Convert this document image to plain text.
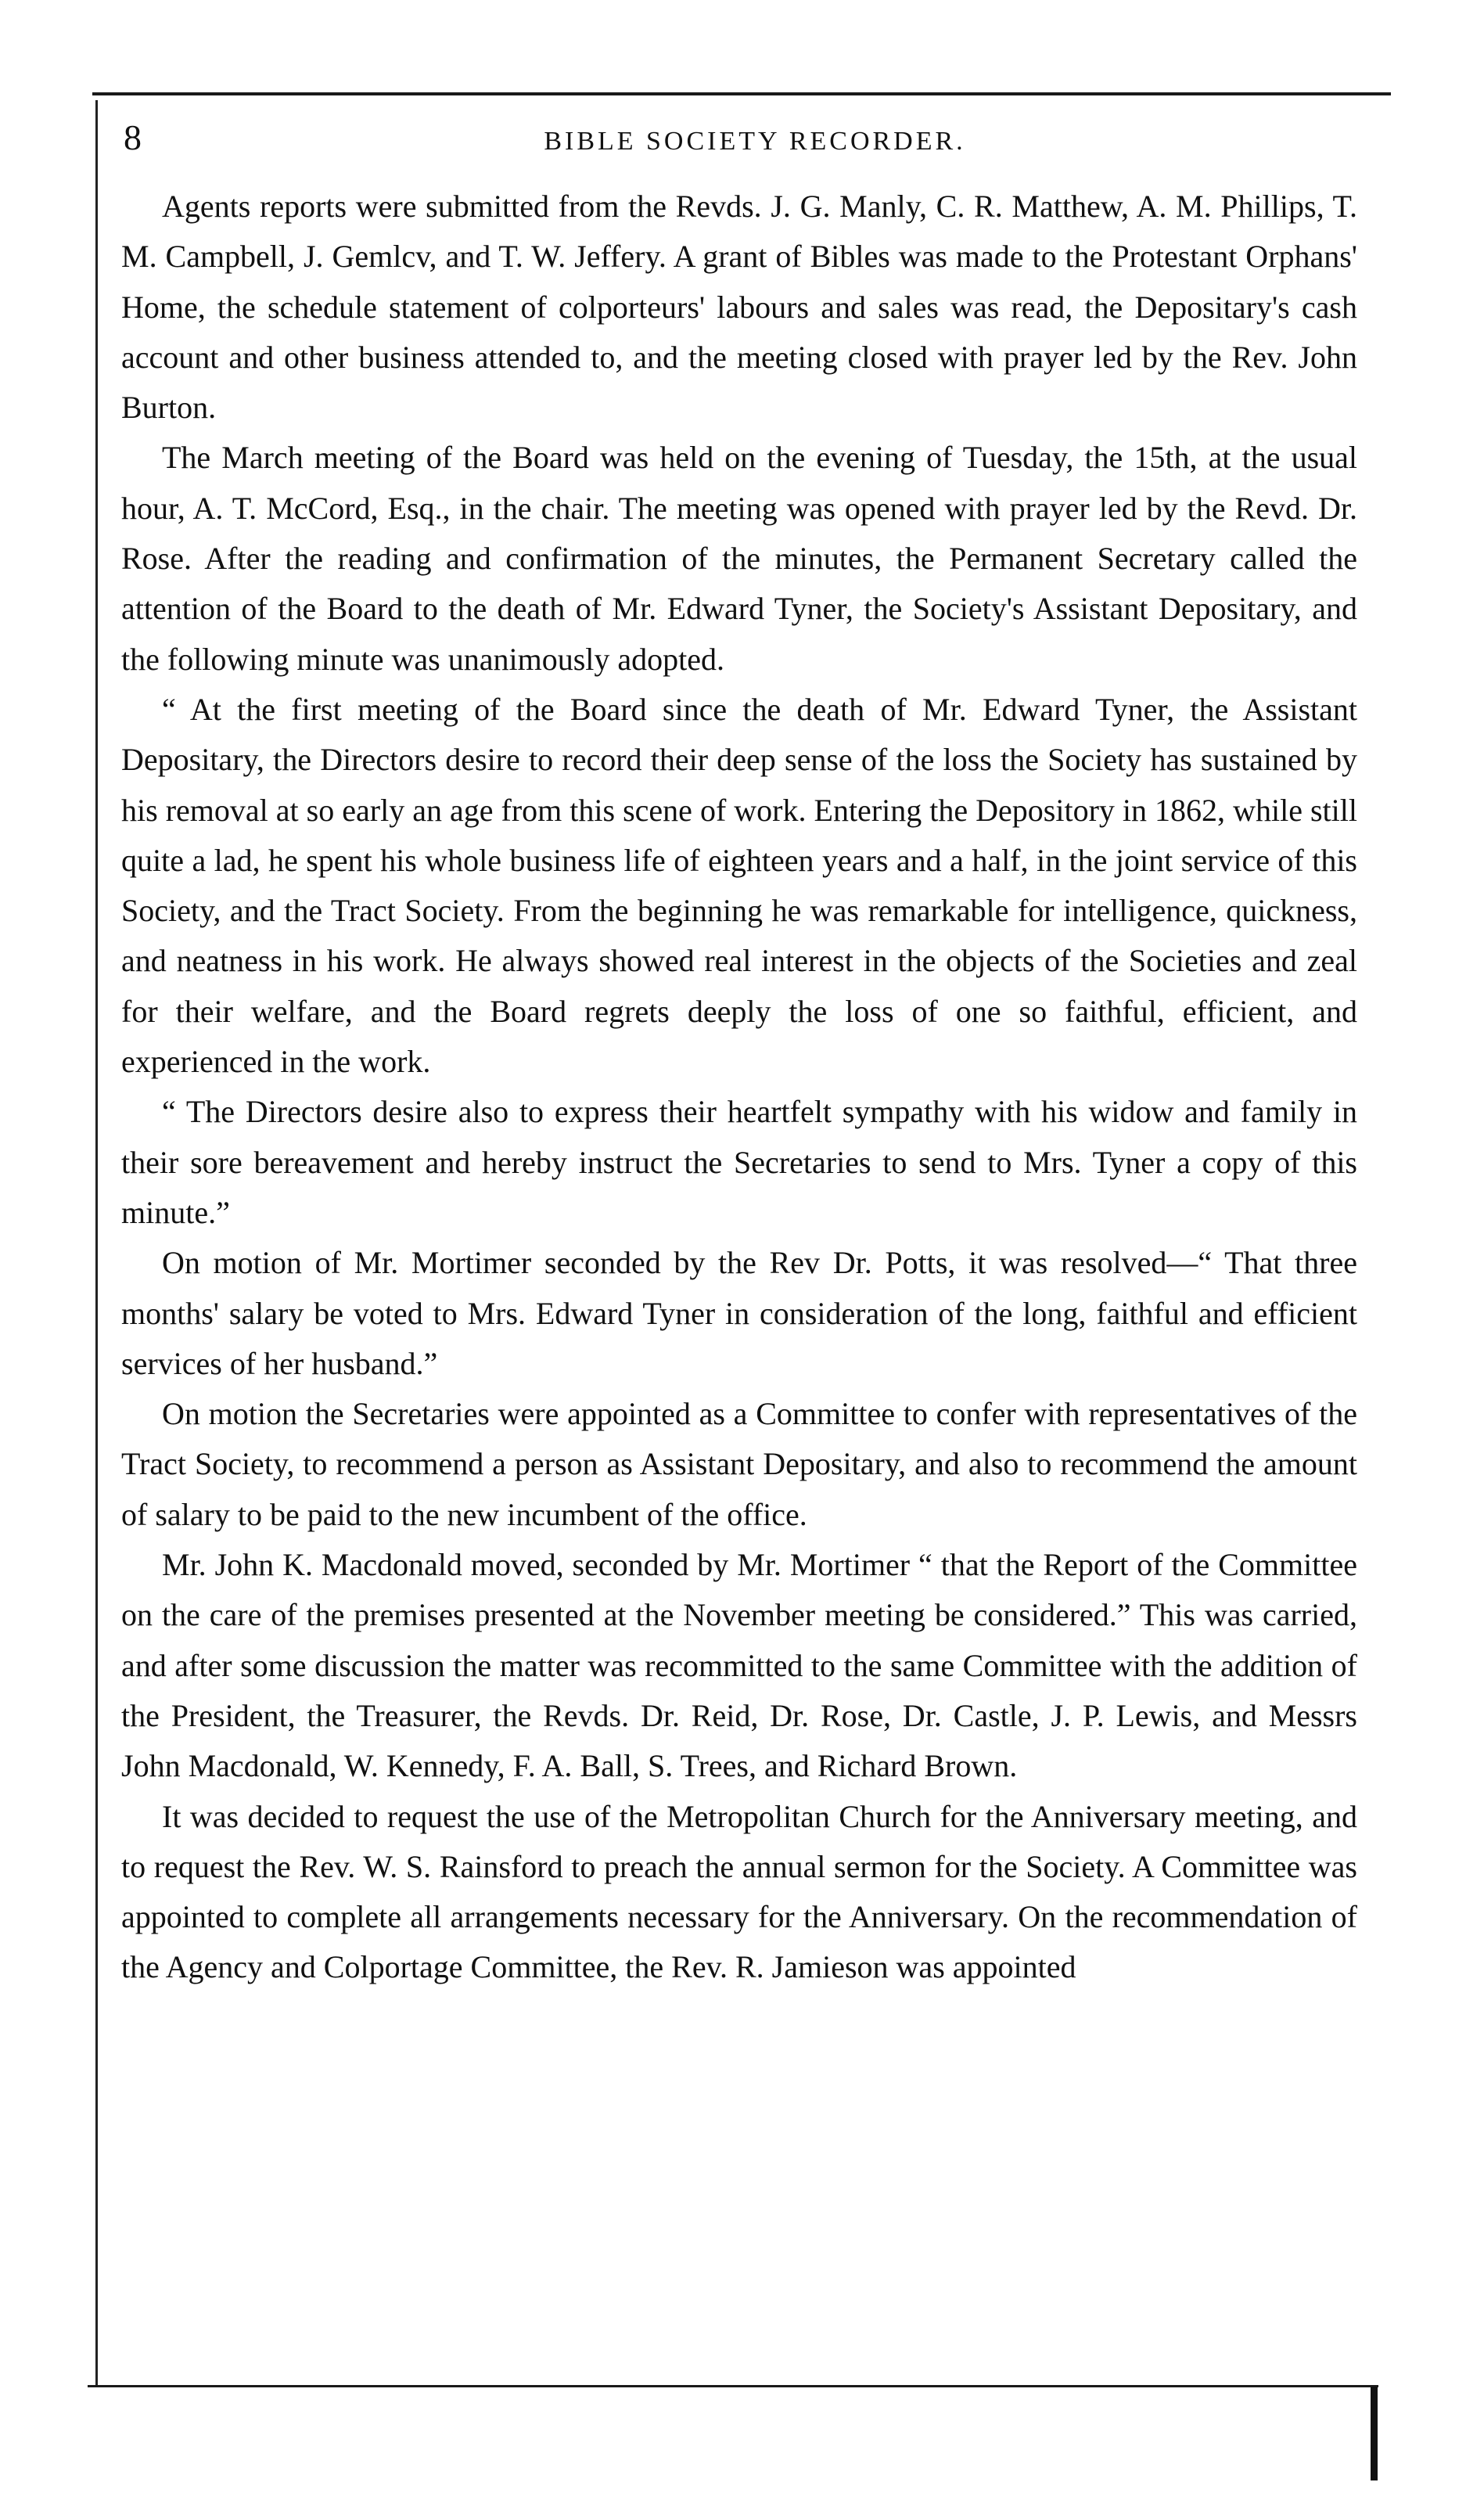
8	BIBLE SOCIETY RECORDER.

Agents reports were submitted from the Revds. J. G. Manly, C. R. Matthew, A. M. Phillips, T. M. Campbell, J. Gemlcv, and T. W. Jeffery. A grant of Bibles was made to the Protestant Orphans' Home, the schedule statement of colporteurs' labours and sales was read, the Depositary's cash account and other business attended to, and the meeting closed with prayer led by the Rev. John Burton.

The March meeting of the Board was held on the evening of Tuesday, the 15th, at the usual hour, A. T. McCord, Esq., in the chair. The meeting was opened with prayer led by the Revd. Dr. Rose. After the reading and confirmation of the minutes, the Permanent Secretary called the attention of the Board to the death of Mr. Edward Tyner, the Society's Assistant Depositary, and the following minute was unanimously adopted.

“ At the first meeting of the Board since the death of Mr. Edward Tyner, the Assistant Depositary, the Directors desire to record their deep sense of the loss the Society has sustained by his removal at so early an age from this scene of work. Entering the Depository in 1862, while still quite a lad, he spent his whole business life of eighteen years and a half, in the joint service of this Society, and the Tract Society. From the beginning he was remarkable for intelligence, quickness, and neatness in his work. He always showed real interest in the objects of the Societies and zeal for their welfare, and the Board regrets deeply the loss of one so faithful, efficient, and experienced in the work.

“ The Directors desire also to express their heartfelt sympathy with his widow and family in their sore bereavement and hereby instruct the Secretaries to send to Mrs. Tyner a copy of this minute.”

On motion of Mr. Mortimer seconded by the Rev Dr. Potts, it was resolved—“ That three months' salary be voted to Mrs. Edward Tyner in consideration of the long, faithful and efficient services of her husband.”

On motion the Secretaries were appointed as a Committee to confer with representatives of the Tract Society, to recommend a person as Assistant Depositary, and also to recommend the amount of salary to be paid to the new incumbent of the office.

Mr. John K. Macdonald moved, seconded by Mr. Mortimer “ that the Report of the Committee on the care of the premises presented at the November meeting be considered.” This was carried, and after some discussion the matter was recommitted to the same Committee with the addition of the President, the Treasurer, the Revds. Dr. Reid, Dr. Rose, Dr. Castle, J. P. Lewis, and Messrs John Macdonald, W. Kennedy, F. A. Ball, S. Trees, and Richard Brown.

It was decided to request the use of the Metropolitan Church for the Anniversary meeting, and to request the Rev. W. S. Rainsford to preach the annual sermon for the Society. A Committee was appointed to complete all arrangements necessary for the Anniversary. On the recommendation of the Agency and Colportage Committee, the Rev. R. Jamieson was appointed
